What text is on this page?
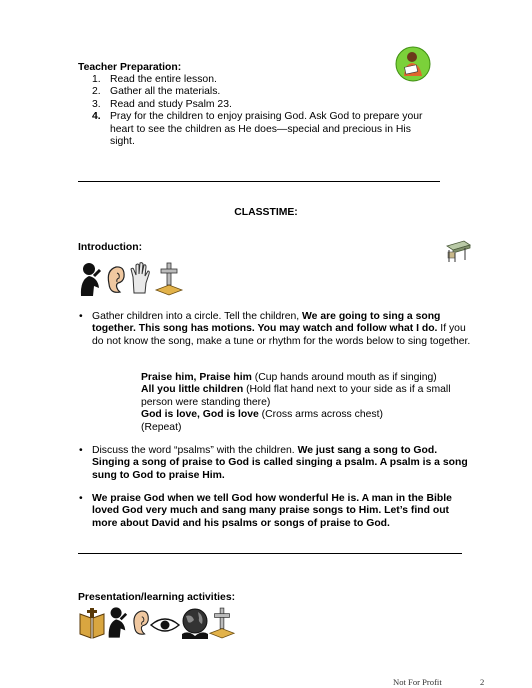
Teacher Preparation:
1. Read the entire lesson.
2. Gather all the materials.
3. Read and study Psalm 23.
4. Pray for the children to enjoy praising God. Ask God to prepare your heart to see the children as He does—special and precious in His sight.
CLASSTIME:
Introduction:
• Gather children into a circle. Tell the children, We are going to sing a song together. This song has motions. You may watch and follow what I do. If you do not know the song, make a tune or rhythm for the words below to sing together.
Praise him, Praise him (Cup hands around mouth as if singing)
All you little children (Hold flat hand next to your side as if a small person were standing there)
God is love, God is love (Cross arms across chest)
(Repeat)
• Discuss the word “psalms” with the children. We just sang a song to God. Singing a song of praise to God is called singing a psalm. A psalm is a song sung to God to praise Him.
• We praise God when we tell God how wonderful He is. A man in the Bible loved God very much and sang many praise songs to Him. Let’s find out more about David and his psalms or songs of praise to God.
Presentation/learning activities:
Not For Profit	2
